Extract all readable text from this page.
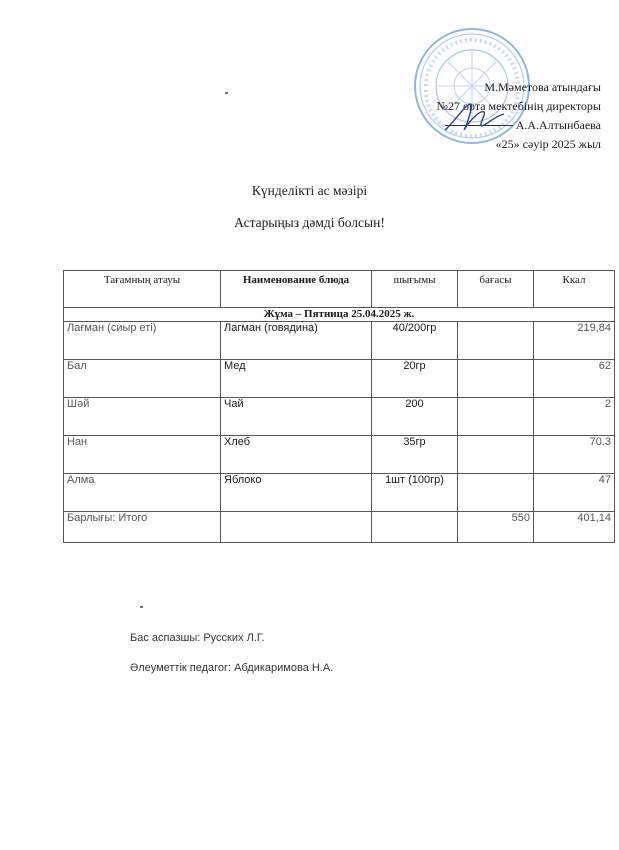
М.Мәметова атындағы
№27 орта мектебінің директоры
А.А.Алтынбаева
«25» сәуір 2025 жыл
Күнделікті ас мәзірі
Астарыңыз дәмді болсын!
Тағамның атауы	Наименование блюда	шығымы	бағасы	Ккал
Жұма – Пятница 25.04.2025 ж.				
Лағман (сиыр еті)	Лагман (говядина)	40/200гр		219,84
Бал	Мед	20гр		62
Шәй	Чай	200		2
Нан	Хлеб	35гр		70.3
Алма	Яблоко	1шт (100гр)		47
Барлығы: Итого			550	401,14
Бас аспазшы: Русских Л.Г.
Әлеуметтік педагог: Абдикаримова Н.А.
